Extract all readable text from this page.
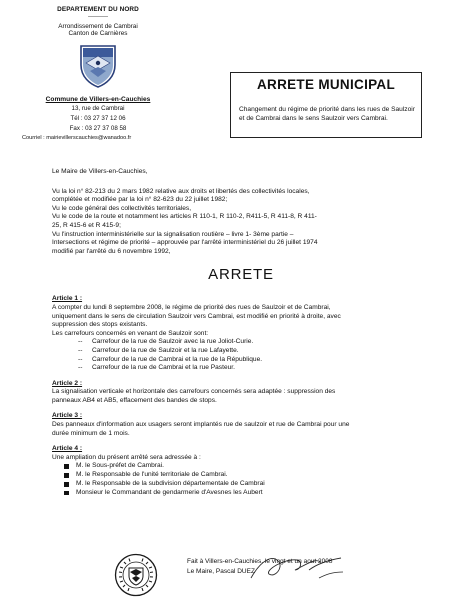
DEPARTEMENT DU NORD
----------
Arrondissement de Cambrai
Canton de Carnières
Commune de Villers-en-Cauchies
13, rue de Cambrai
Tél : 03 27 37 12 06
Fax : 03 27 37 08 58
Courriel : mairievillerscauchies@wanadoo.fr
ARRETE MUNICIPAL
Changement du régime de priorité dans les rues de Saulzoir et de Cambrai dans le sens Saulzoir vers Cambrai.

Le Maire de Villers-en-Cauchies,

Vu la loi n° 82-213 du 2 mars 1982 relative aux droits et libertés des collectivités locales,

complétée et modifiée par la loi n° 82-623 du 22 juillet 1982;

Vu le code général des collectivités territoriales,

Vu le code de la route et notamment les articles R 110-1, R 110-2, R411-5, R 411-8, R 411-

25, R 415-6 et R 415-9;

Vu l'instruction interministérielle sur la signalisation routière – livre 1- 3ème partie –

Intersections et régime de priorité – approuvée par l'arrêté interministériel du 26 juillet 1974

modifié par l'arrêté du 6 novembre 1992,

ARRETE

Article 1 :

A compter du lundi 8 septembre 2008, le régime de priorité des rues de Saulzoir et de Cambrai,

uniquement dans le sens de circulation Saulzoir vers Cambrai, est modifié en priorité à droite, avec

suppression des stops existants.

Les carrefours concernés en venant de Saulzoir sont:

-- Carrefour de la rue de Saulzoir avec la rue Joliot-Curie.
-- Carrefour de la rue de Saulzoir et la rue Lafayette.
-- Carrefour de la rue de Cambrai et la rue de la République.
-- Carrefour de la rue de Cambrai et la rue Pasteur.

Article 2 :

La signalisation verticale et horizontale des carrefours concernés sera adaptée : suppression des

panneaux AB4 et AB5, effacement des bandes de stops.

Article 3 :

Des panneaux d'information aux usagers seront implantés rue de saulzoir et rue de Cambrai pour une

durée minimum de 1 mois.

Article 4 :

Une ampliation du présent arrêté sera adressée à :

M. le Sous-préfet de Cambrai.
M. le Responsable de l'unité territoriale de Cambrai.
M. le Responsable de la subdivision départementale de Cambrai
Monsieur le Commandant de gendarmerie d'Avesnes les Aubert
Fait à Villers-en-Cauchies, le vingt et un aout 2008
Le Maire, Pascal DUEZ
